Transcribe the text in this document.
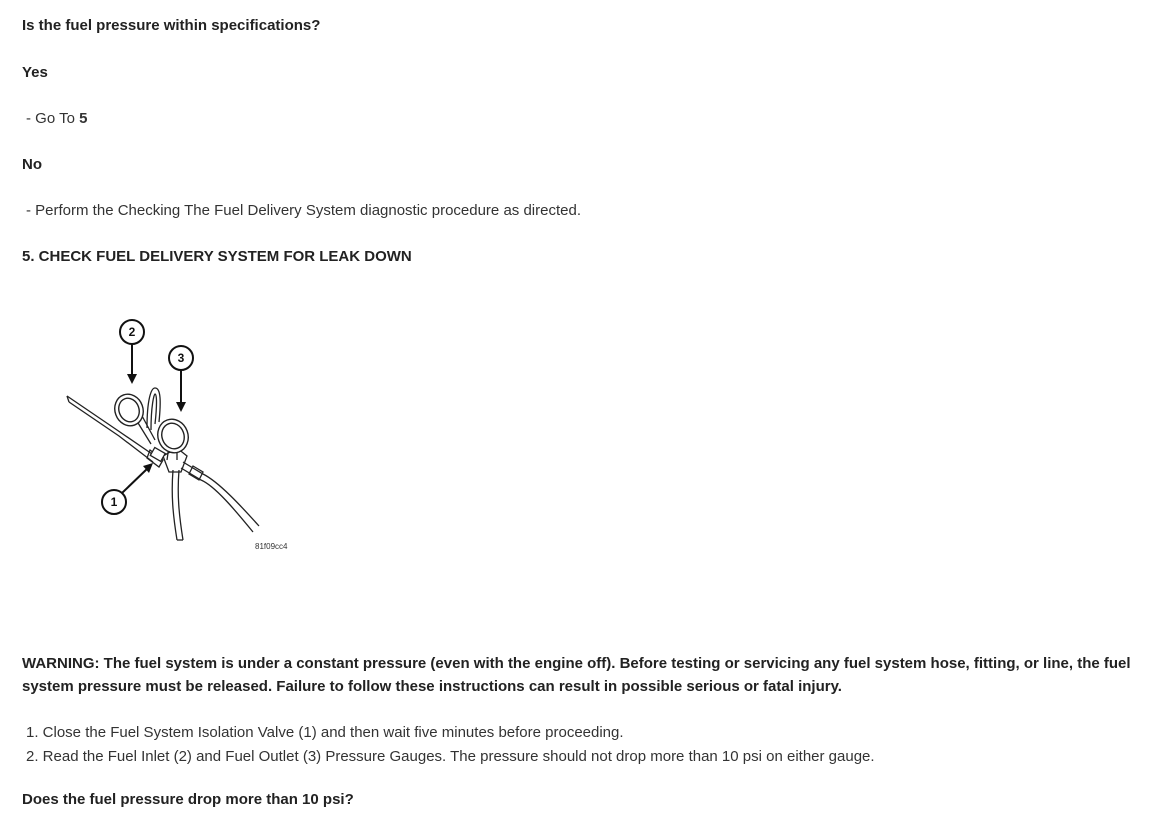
Is the fuel pressure within specifications?
Yes
- Go To 5
No
- Perform the Checking The Fuel Delivery System diagnostic procedure as directed.
5. CHECK FUEL DELIVERY SYSTEM FOR LEAK DOWN
2
3
1
81f09cc4
WARNING: The fuel system is under a constant pressure (even with the engine off). Before testing or servicing any fuel system hose, fitting, or line, the fuel system pressure must be released. Failure to follow these instructions can result in possible serious or fatal injury.
1. Close the Fuel System Isolation Valve (1) and then wait five minutes before proceeding.
2. Read the Fuel Inlet (2) and Fuel Outlet (3) Pressure Gauges. The pressure should not drop more than 10 psi on either gauge.
Does the fuel pressure drop more than 10 psi?
